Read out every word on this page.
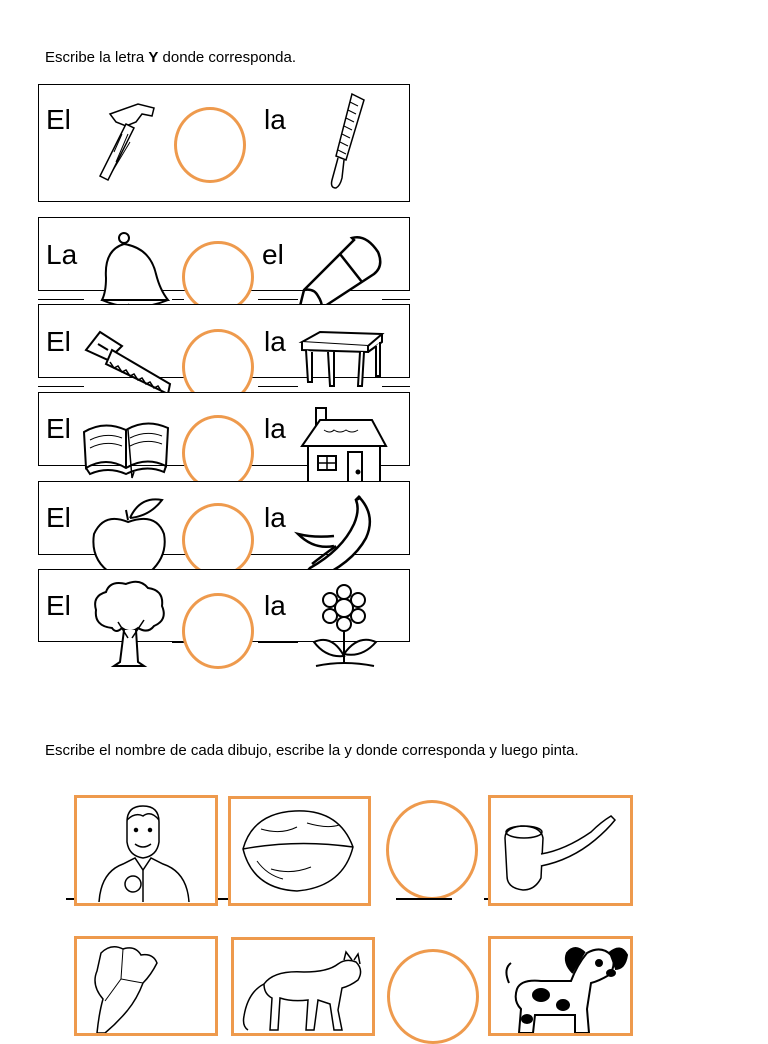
Escribe la letra Y donde corresponda.
El	la
La	el
El	la
El	la
El	la
El	la
Escribe el nombre de cada dibujo, escribe la y donde corresponda y luego pinta.
